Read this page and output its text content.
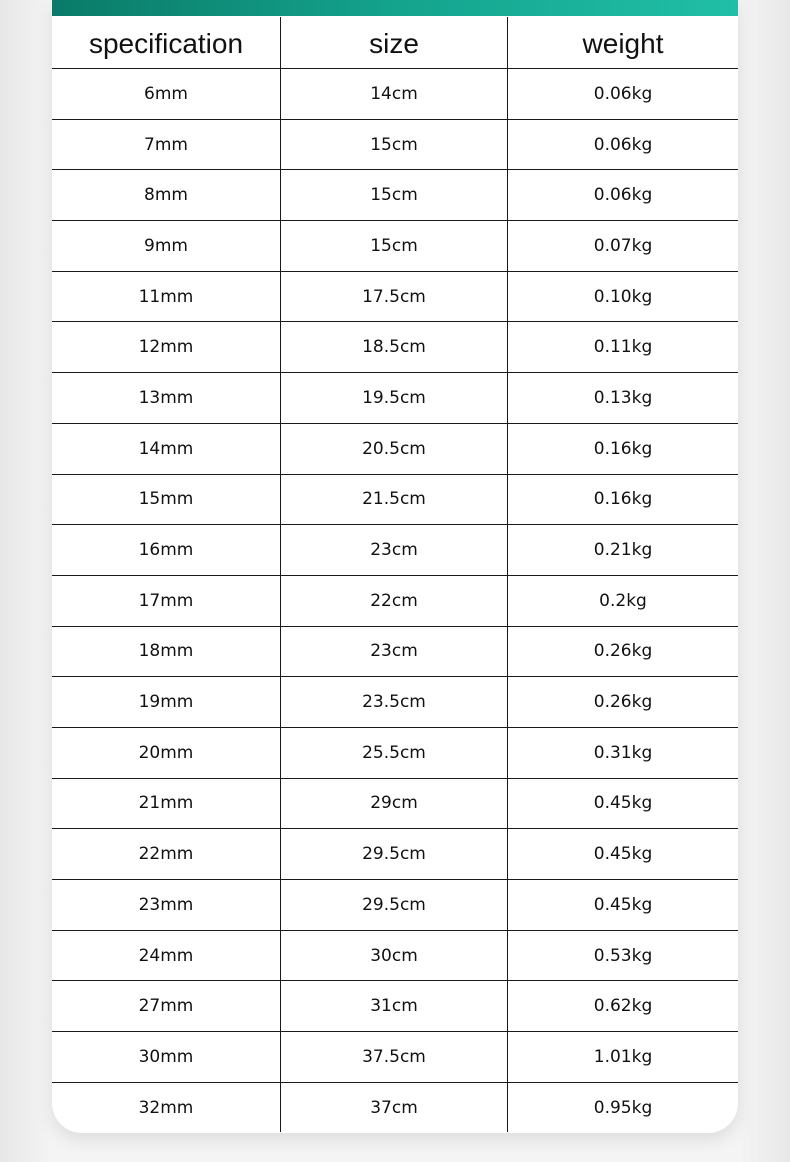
specification	size	weight
6mm	14cm	0.06kg
7mm	15cm	0.06kg
8mm	15cm	0.06kg
9mm	15cm	0.07kg
11mm	17.5cm	0.10kg
12mm	18.5cm	0.11kg
13mm	19.5cm	0.13kg
14mm	20.5cm	0.16kg
15mm	21.5cm	0.16kg
16mm	23cm	0.21kg
17mm	22cm	0.2kg
18mm	23cm	0.26kg
19mm	23.5cm	0.26kg
20mm	25.5cm	0.31kg
21mm	29cm	0.45kg
22mm	29.5cm	0.45kg
23mm	29.5cm	0.45kg
24mm	30cm	0.53kg
27mm	31cm	0.62kg
30mm	37.5cm	1.01kg
32mm	37cm	0.95kg
